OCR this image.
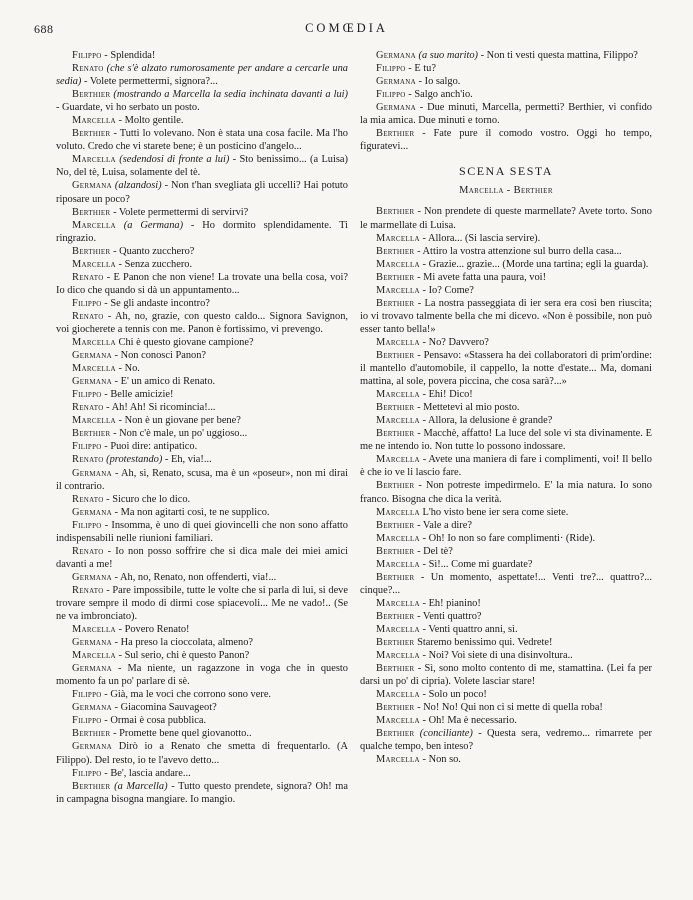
688	COMŒDIA
Filippo - Splendida!
Renato (che s'è alzato rumorosamente per andare a cercarle una sedia) - Volete permettermi, signora?...
Berthier (mostrando a Marcella la sedia inchinata davanti a lui) - Guardate, vi ho serbato un posto.
Marcella - Molto gentile.
Berthier - Tutti lo volevano. Non è stata una cosa facile. Ma l'ho voluto. Credo che vi starete bene; è un posticino d'angelo...
Marcella (sedendosi di fronte a lui) - Sto benissimo... (a Luisa) No, del tè, Luisa, solamente del tè.
Germana (alzandosi) - Non t'han svegliata gli uccelli? Hai potuto riposare un poco?
Berthier - Volete permettermi di servirvi?
Marcella (a Germana) - Ho dormito splendidamente. Ti ringrazio.
Berthier - Quanto zucchero?
Marcella - Senza zucchero.
Renato - E Panon che non viene! La trovate una bella cosa, voi? Io dico che quando si dà un appuntamento...
Filippo - Se gli andaste incontro?
Renato - Ah, no, grazie, con questo caldo... Signora Savignon, voi giocherete a tennis con me. Panon è fortissimo, vi prevengo.
Marcella Chi è questo giovane campione?
Germana - Non conosci Panon?
Marcella - No.
Germana - E' un amico di Renato.
Filippo - Belle amicizie!
Renato - Ah! Ah! Si ricomincia!...
Marcella - Non è un giovane per bene?
Berthier - Non c'è male, un po' uggioso...
Filippo - Puoi dire: antipatico.
Renato (protestando) - Eh, via!...
Germana - Ah, sì, Renato, scusa, ma è un «poseur», non mi dirai il contrario.
Renato - Sicuro che lo dico.
Germana - Ma non agitarti così, te ne supplico.
Filippo - Insomma, è uno di quei giovincelli che non sono affatto indispensabili nelle riunioni familiari.
Renato - Io non posso soffrire che si dica male dei miei amici davanti a me!
Germana - Ah, no, Renato, non offenderti, via!...
Renato - Pare impossibile, tutte le volte che si parla di lui, si deve trovare sempre il modo di dirmi cose spiacevoli... Me ne vado!.. (Se ne va imbronciato).
Marcella - Povero Renato!
Germana - Ha preso la cioccolata, almeno?
Marcella - Sul serio, chi è questo Panon?
Germana - Ma niente, un ragazzone in voga che in questo momento fa un po' parlare di sè.
Filippo - Già, ma le voci che corrono sono vere.
Germana - Giacomina Sauvageot?
Filippo - Ormai è cosa pubblica.
Berthier - Promette bene quel giovanotto..
Germana Dirò io a Renato che smetta di frequentarlo. (A Filippo). Del resto, io te l'avevo detto...
Filippo - Be', lascia andare...
Berthier (a Marcella) - Tutto questo prendete, signora? Oh! ma in campagna bisogna mangiare. Io mangio.
Germana (a suo marito) - Non ti vesti questa mattina, Filippo?
Filippo - E tu?
Germana - Io salgo.
Filippo - Salgo anch'io.
Germana - Due minuti, Marcella, permetti? Berthier, vi confido la mia amica. Due minuti e torno.
Berthier - Fate pure il comodo vostro. Oggi ho tempo, figuratevi...
SCENA SESTA
Marcella - Berthier
Berthier - Non prendete di queste marmellate? Avete torto. Sono le marmellate di Luisa.
Marcella - Allora... (Si lascia servire).
Berthier - Attiro la vostra attenzione sul burro della casa...
Marcella - Grazie... grazie... (Morde una tartina; egli la guarda).
Berthier - Mi avete fatta una paura, voi!
Marcella - Io? Come?
Berthier - La nostra passeggiata di ier sera era così ben riuscita; io vi trovavo talmente bella che mi dicevo. «Non è possibile, non può esser tanto bella!»
Marcella - No? Davvero?
Berthier - Pensavo: «Stassera ha dei collaboratori di prim'ordine: il mantello d'automobile, il cappello, la notte d'estate... Ma, domani mattina, al sole, povera piccina, che cosa sarà?...»
Marcella - Ehi! Dico!
Berthier - Mettetevi al mio posto.
Marcella - Allora, la delusione è grande?
Berthier - Macchè, affatto! La luce del sole vi sta divinamente. E me ne intendo io. Non tutte lo possono indossare.
Marcella - Avete una maniera di fare i complimenti, voi! Il bello è che io ve li lascio fare.
Berthier - Non potreste impedirmelo. E' la mia natura. Io sono franco. Bisogna che dica la verità.
Marcella L'ho visto bene ier sera come siete.
Berthier - Vale a dire?
Marcella - Oh! Io non so fare complimenti· (Ride).
Berthier - Del tè?
Marcella - Sì!... Come mi guardate?
Berthier - Un momento, aspettate!... Venti tre?... quattro?... cinque?...
Marcella - Eh! pianino!
Berthier - Venti quattro?
Marcella - Venti quattro anni, sì.
Berthier Staremo benissimo qui. Vedrete!
Marcella - Noi? Voi siete di una disinvoltura..
Berthier - Sì, sono molto contento di me, stamattina. (Lei fa per darsi un po' di cipria). Volete lasciar stare!
Marcella - Solo un poco!
Berthier - No! No! Qui non ci si mette di quella roba!
Marcella - Oh! Ma è necessario.
Berthier (conciliante) - Questa sera, vedremo... rimarrete per qualche tempo, ben inteso?
Marcella - Non so.
